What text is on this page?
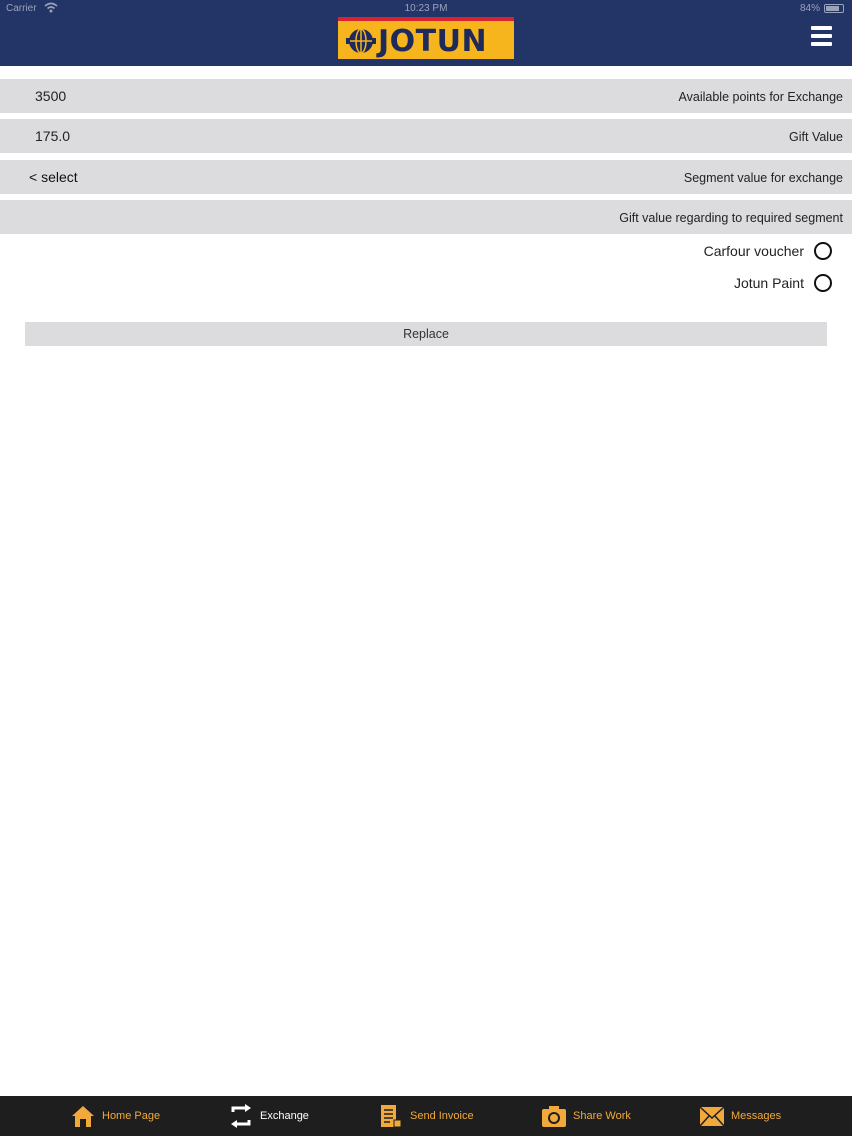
Carrier	10:23 PM	84%
JOTUN
3500	Available points for Exchange
175.0	Gift Value
< select	Segment value for exchange
Gift value regarding to required segment
Carfour voucher
Jotun Paint
Replace
Home Page	Exchange	Send Invoice	Share Work	Messages
